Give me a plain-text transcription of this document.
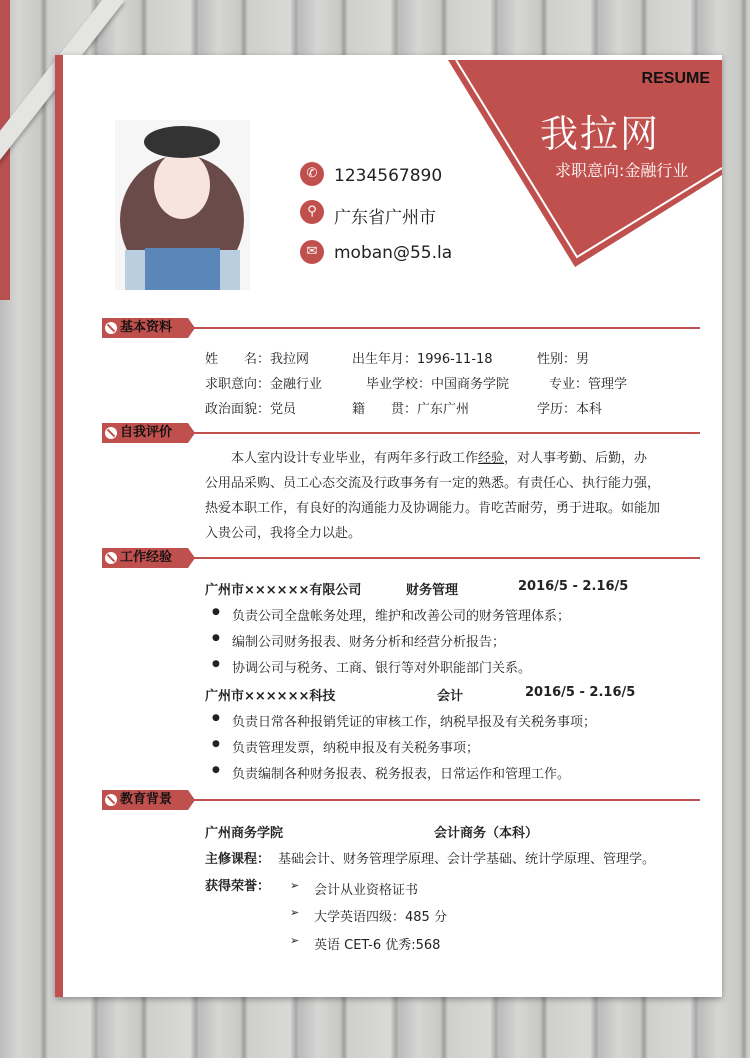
RESUME
我拉网
求职意向:金融行业
✆ 1234567890
⚲	广东省广州市
✉ moban@55.la
基本资料
姓　　名：我拉网	出生年月：1996-11-18	性别：男
求职意向：金融行业	毕业学校：中国商务学院	专业：管理学
政治面貌：党员	籍　　贯：广东广州	学历：本科
自我评价
本人室内设计专业毕业，有两年多行政工作经验，对人事考勤、后勤，办公用品采购、员工心态交流及行政事务有一定的熟悉。有责任心、执行能力强，热爱本职工作，有良好的沟通能力及协调能力。肯吃苦耐劳，勇于进取。如能加入贵公司，我将全力以赴。
工作经验
广州市××××××有限公司	财务管理	2016/5 - 2.16/5
● 负责公司全盘帐务处理，维护和改善公司的财务管理体系；
● 编制公司财务报表、财务分析和经营分析报告；
● 协调公司与税务、工商、银行等对外职能部门关系。
广州市××××××科技	会计	2016/5 - 2.16/5
● 负责日常各种报销凭证的审核工作，纳税早报及有关税务事项；
● 负责管理发票，纳税申报及有关税务事项；
● 负责编制各种财务报表、税务报表，日常运作和管理工作。
教育背景
广州商务学院	会计商务（本科）
主修课程： 基础会计、财务管理学原理、会计学基础、统计学原理、管理学。
获得荣誉：	➢ 会计从业资格证书
➢ 大学英语四级：485 分
➢ 英语 CET-6 优秀:568
